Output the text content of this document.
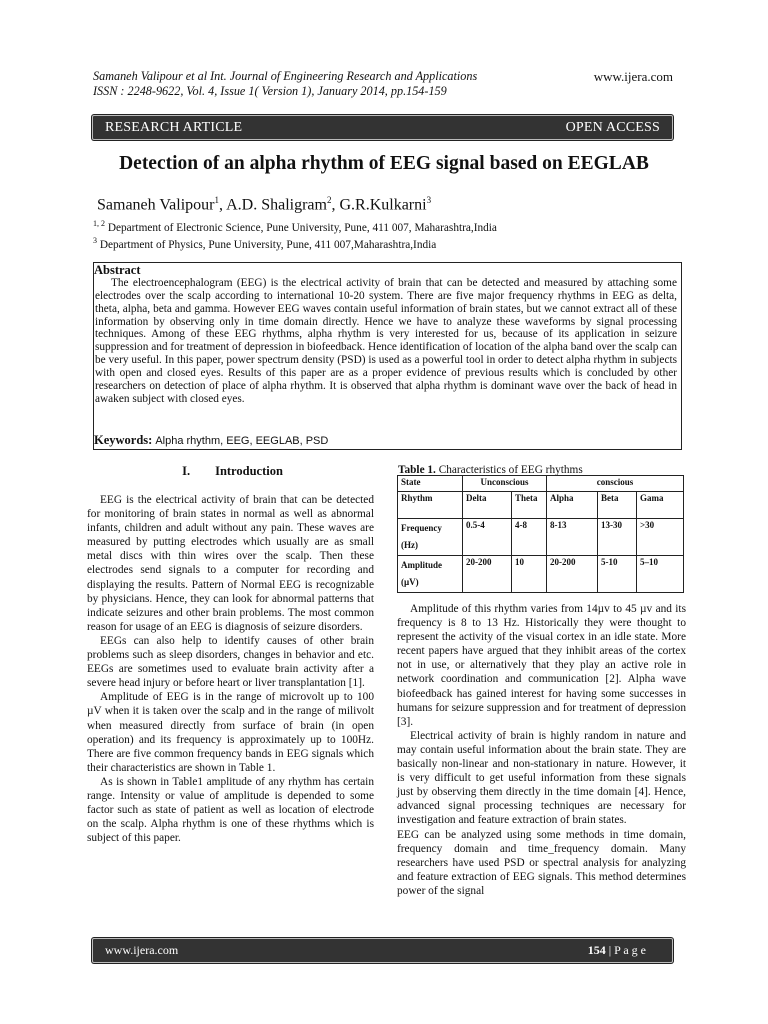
Samaneh Valipour et al Int. Journal of Engineering Research and Applications
ISSN : 2248-9622, Vol. 4, Issue 1( Version 1), January 2014, pp.154-159
www.ijera.com
RESEARCH ARTICLE	OPEN ACCESS
Detection of an alpha rhythm of EEG signal based on EEGLAB
Samaneh Valipour$^1$, A.D. Shaligram$^2$, G.R.Kulkarni$^3$
$^{1, 2}$ Department of Electronic Science, Pune University, Pune, 411 007, Maharashtra,India
$^3$ Department of Physics, Pune University, Pune, 411 007,Maharashtra,India
Abstract
The electroencephalogram (EEG) is the electrical activity of brain that can be detected and measured by attaching some electrodes over the scalp according to international 10-20 system. There are five major frequency rhythms in EEG as delta, theta, alpha, beta and gamma. However EEG waves contain useful information of brain states, but we cannot extract all of these information by observing only in time domain directly. Hence we have to analyze these waveforms by signal processing techniques. Among of these EEG rhythms, alpha rhythm is very interested for us, because of its application in seizure suppression and for treatment of depression in biofeedback. Hence identification of location of the alpha band over the scalp can be very useful. In this paper, power spectrum density (PSD) is used as a powerful tool in order to detect alpha rhythm in subjects with open and closed eyes. Results of this paper are as a proper evidence of previous results which is concluded by other researchers on detection of place of alpha rhythm. It is observed that alpha rhythm is dominant wave over the back of head in awaken subject with closed eyes.
Keywords: Alpha rhythm, EEG, EEGLAB, PSD
I. Introduction

EEG is the electrical activity of brain that can be detected for monitoring of brain states in normal as well as abnormal infants, children and adult without any pain. These waves are measured by putting electrodes which usually are as small metal discs with thin wires over the scalp. Then these electrodes send signals to a computer for recording and displaying the results. Pattern of Normal EEG is recognizable by physicians. Hence, they can look for abnormal patterns that indicate seizures and other brain problems. The most common reason for usage of an EEG is diagnosis of seizure disorders.

EEGs can also help to identify causes of other brain problems such as sleep disorders, changes in behavior and etc. EEGs are sometimes used to evaluate brain activity after a severe head injury or before heart or liver transplantation [1].

Amplitude of EEG is in the range of microvolt up to 100 µV when it is taken over the scalp and in the range of milivolt when measured directly from surface of brain (in open operation) and its frequency is approximately up to 100Hz. There are five common frequency bands in EEG signals which their characteristics are shown in Table 1.

As is shown in Table1 amplitude of any rhythm has certain range. Intensity or value of amplitude is depended to some factor such as state of patient as well as location of electrode on the scalp. Alpha rhythm is one of these rhythms which is subject of this paper.

Table 1. Characteristics of EEG rhythms
State	Unconscious		conscious		
Rhythm	Delta	Theta	Alpha	Beta	Gama
Frequency (Hz)	0.5-4	4-8	8-13	13-30	>30
Amplitude (µV)	20-200	10	20-200	5-10	5–10

Amplitude of this rhythm varies from 14µv to 45 µv and its frequency is 8 to 13 Hz. Historically they were thought to represent the activity of the visual cortex in an idle state. More recent papers have argued that they inhibit areas of the cortex not in use, or alternatively that they play an active role in network coordination and communication [2]. Alpha wave biofeedback has gained interest for having some successes in humans for seizure suppression and for treatment of depression [3].

Electrical activity of brain is highly random in nature and may contain useful information about the brain state. They are basically non-linear and non-stationary in nature. However, it is very difficult to get useful information from these signals just by observing them directly in the time domain [4]. Hence, advanced signal processing techniques are necessary for investigation and feature extraction of brain states.

EEG can be analyzed using some methods in time domain, frequency domain and time_frequency domain. Many researchers have used PSD or spectral analysis for analyzing and feature extraction of EEG signals. This method determines power of the signal

www.ijera.com	154 | P a g e
